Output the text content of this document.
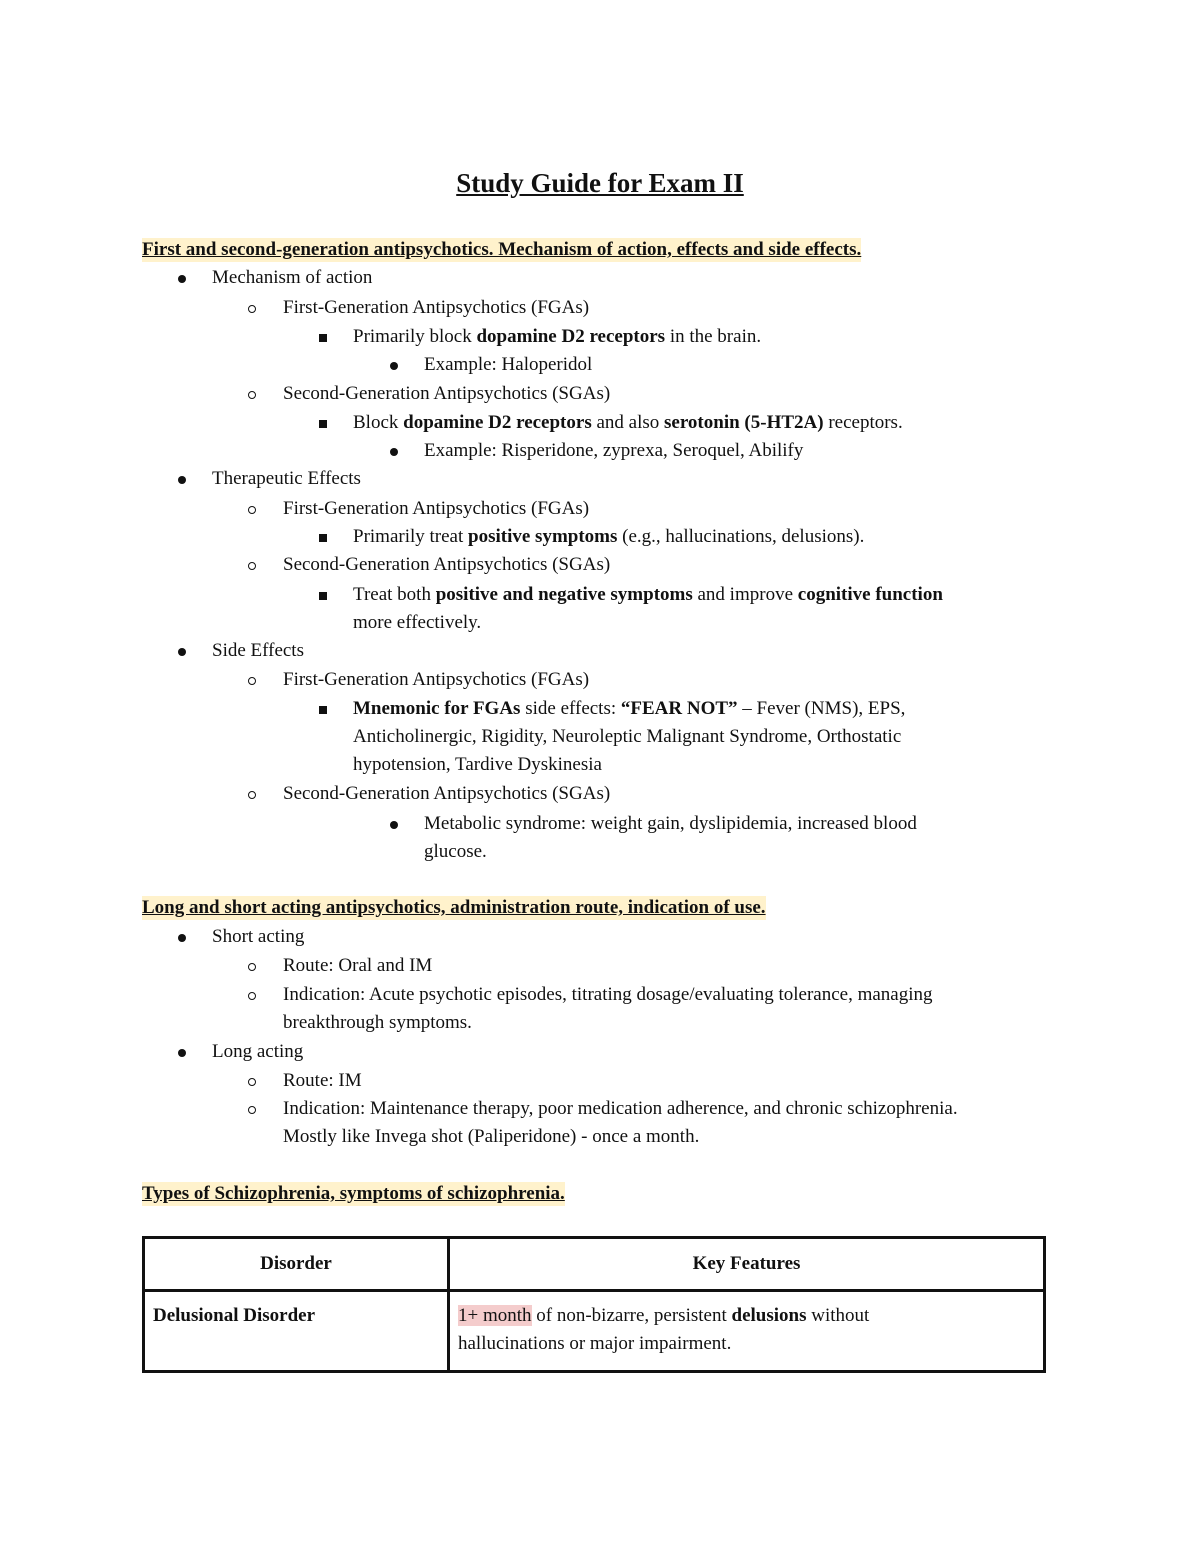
Study Guide for Exam II
First and second-generation antipsychotics. Mechanism of action, effects and side effects.
Mechanism of action
First-Generation Antipsychotics (FGAs)
Primarily block dopamine D2 receptors in the brain.
Example: Haloperidol
Second-Generation Antipsychotics (SGAs)
Block dopamine D2 receptors and also serotonin (5-HT2A) receptors.
Example: Risperidone, zyprexa, Seroquel, Abilify
Therapeutic Effects
First-Generation Antipsychotics (FGAs)
Primarily treat positive symptoms (e.g., hallucinations, delusions).
Second-Generation Antipsychotics (SGAs)
Treat both positive and negative symptoms and improve cognitive function
more effectively.
Side Effects
First-Generation Antipsychotics (FGAs)
Mnemonic for FGAs side effects: “FEAR NOT” – Fever (NMS), EPS,
Anticholinergic, Rigidity, Neuroleptic Malignant Syndrome, Orthostatic
hypotension, Tardive Dyskinesia
Second-Generation Antipsychotics (SGAs)
Metabolic syndrome: weight gain, dyslipidemia, increased blood
glucose.
Long and short acting antipsychotics, administration route, indication of use.
Short acting
Route: Oral and IM
Indication: Acute psychotic episodes, titrating dosage/evaluating tolerance, managing
breakthrough symptoms.
Long acting
Route: IM
Indication: Maintenance therapy, poor medication adherence, and chronic schizophrenia.
Mostly like Invega shot (Paliperidone) - once a month.
Types of Schizophrenia, symptoms of schizophrenia.
Disorder	Key Features
Delusional Disorder	1+ month of non-bizarre, persistent delusions without
hallucinations or major impairment.
